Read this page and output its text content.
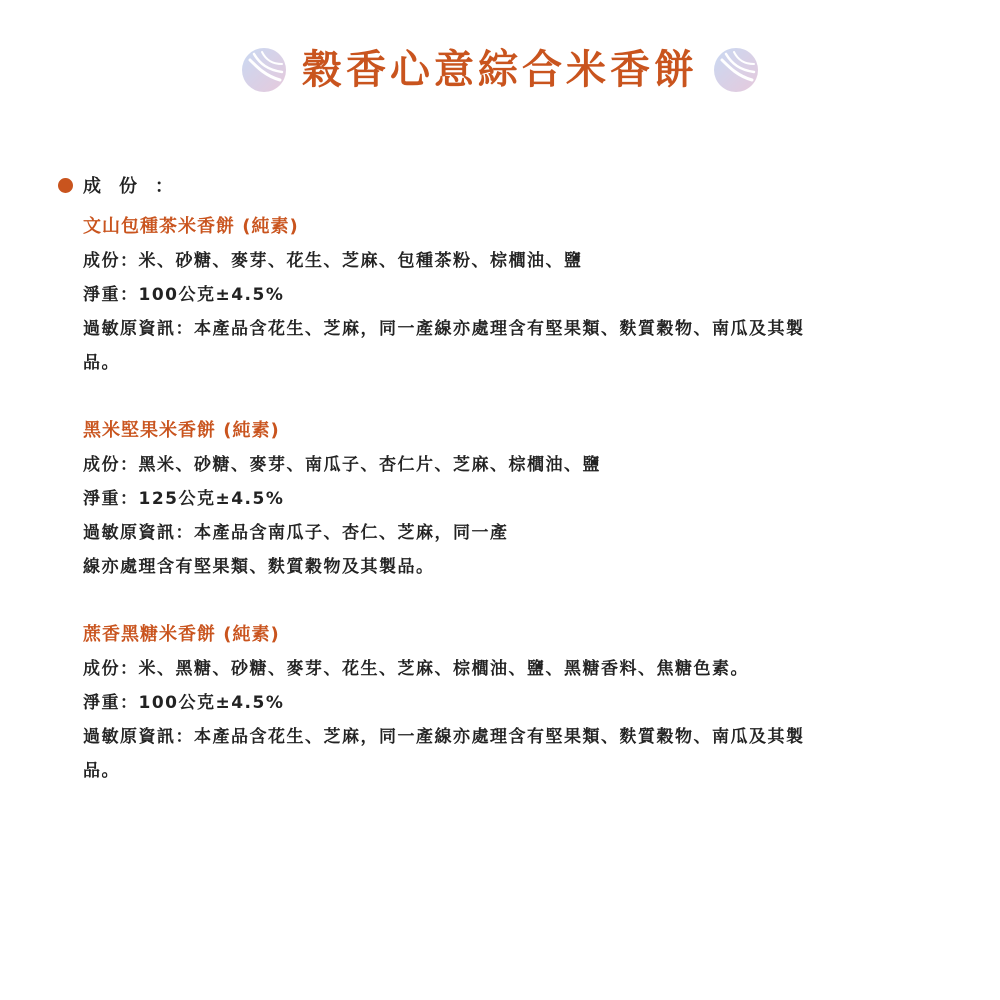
穀香心意綜合米香餅
成　份　：
文山包種茶米香餅 (純素)
成份：米、砂糖、麥芽、花生、芝麻、包種茶粉、棕櫚油、鹽
淨重：100公克±4.5%
過敏原資訊：本產品含花生、芝麻，同一產線亦處理含有堅果類、麩質穀物、南瓜及其製
品。
黑米堅果米香餅 (純素)
成份：黑米、砂糖、麥芽、南瓜子、杏仁片、芝麻、棕櫚油、鹽
淨重：125公克±4.5%
過敏原資訊：本產品含南瓜子、杏仁、芝麻，同一產
線亦處理含有堅果類、麩質穀物及其製品。
蔗香黑糖米香餅 (純素)
成份：米、黑糖、砂糖、麥芽、花生、芝麻、棕櫚油、鹽、黑糖香料、焦糖色素。
淨重：100公克±4.5%
過敏原資訊：本產品含花生、芝麻，同一產線亦處理含有堅果類、麩質穀物、南瓜及其製
品。
